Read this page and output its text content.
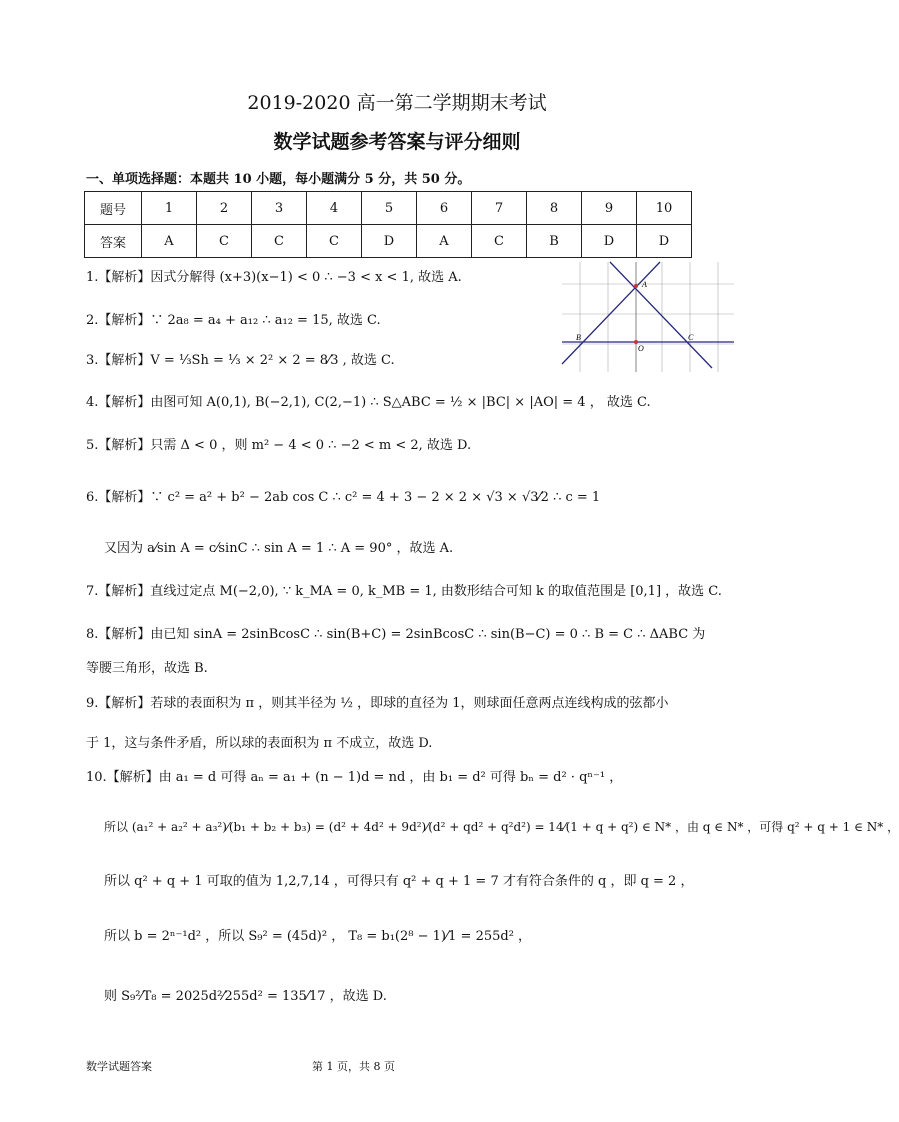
2019-2020 高一第二学期期末考试
数学试题参考答案与评分细则
一、单项选择题：本题共 10 小题，每小题满分 5 分，共 50 分。
题号	1	2	3	4	5	6	7	8	9	10
答案	A	C	C	C	D	A	C	B	D	D
A
B	C
O
1.【解析】因式分解得 (x+3)(x−1) < 0 ∴ −3 < x < 1, 故选 A.
2.【解析】∵ 2a₈ = a₄ + a₁₂ ∴ a₁₂ = 15, 故选 C.
3.【解析】V = ⅓Sh = ⅓ × 2² × 2 = 8⁄3 , 故选 C.
4.【解析】由图可知 A(0,1), B(−2,1), C(2,−1) ∴ S△ABC = ½ × |BC| × |AO| = 4 ， 故选 C.
5.【解析】只需 Δ < 0 ，则 m² − 4 < 0 ∴ −2 < m < 2, 故选 D.
6.【解析】∵ c² = a² + b² − 2ab cos C ∴ c² = 4 + 3 − 2 × 2 × √3 × √3⁄2 ∴ c = 1
又因为 a⁄sin A = c⁄sinC ∴ sin A = 1 ∴ A = 90° ，故选 A.
7.【解析】直线过定点 M(−2,0), ∵ k_MA = 0, k_MB = 1, 由数形结合可知 k 的取值范围是 [0,1] ，故选 C.
8.【解析】由已知 sinA = 2sinBcosC ∴ sin(B+C) = 2sinBcosC ∴ sin(B−C) = 0 ∴ B = C ∴ ΔABC 为
等腰三角形，故选 B.
9.【解析】若球的表面积为 π ，则其半径为 ½ ，即球的直径为 1，则球面任意两点连线构成的弦都小
于 1，这与条件矛盾，所以球的表面积为 π 不成立，故选 D.
10.【解析】由 a₁ = d 可得 aₙ = a₁ + (n − 1)d = nd ，由 b₁ = d² 可得 bₙ = d² · qⁿ⁻¹ ，
所以 (a₁² + a₂² + a₃²)⁄(b₁ + b₂ + b₃) = (d² + 4d² + 9d²)⁄(d² + qd² + q²d²) = 14⁄(1 + q + q²) ∈ N* ，由 q ∈ N* ，可得 q² + q + 1 ∈ N* ，
所以 q² + q + 1 可取的值为 1,2,7,14 ，可得只有 q² + q + 1 = 7 才有符合条件的 q ，即 q = 2 ，
所以 b = 2ⁿ⁻¹d² ，所以 S₉² = (45d)² ， T₈ = b₁(2⁸ − 1)⁄1 = 255d² ，
则 S₉²⁄T₈ = 2025d²⁄255d² = 135⁄17 ，故选 D.
数学试题答案	第 1 页，共 8 页
